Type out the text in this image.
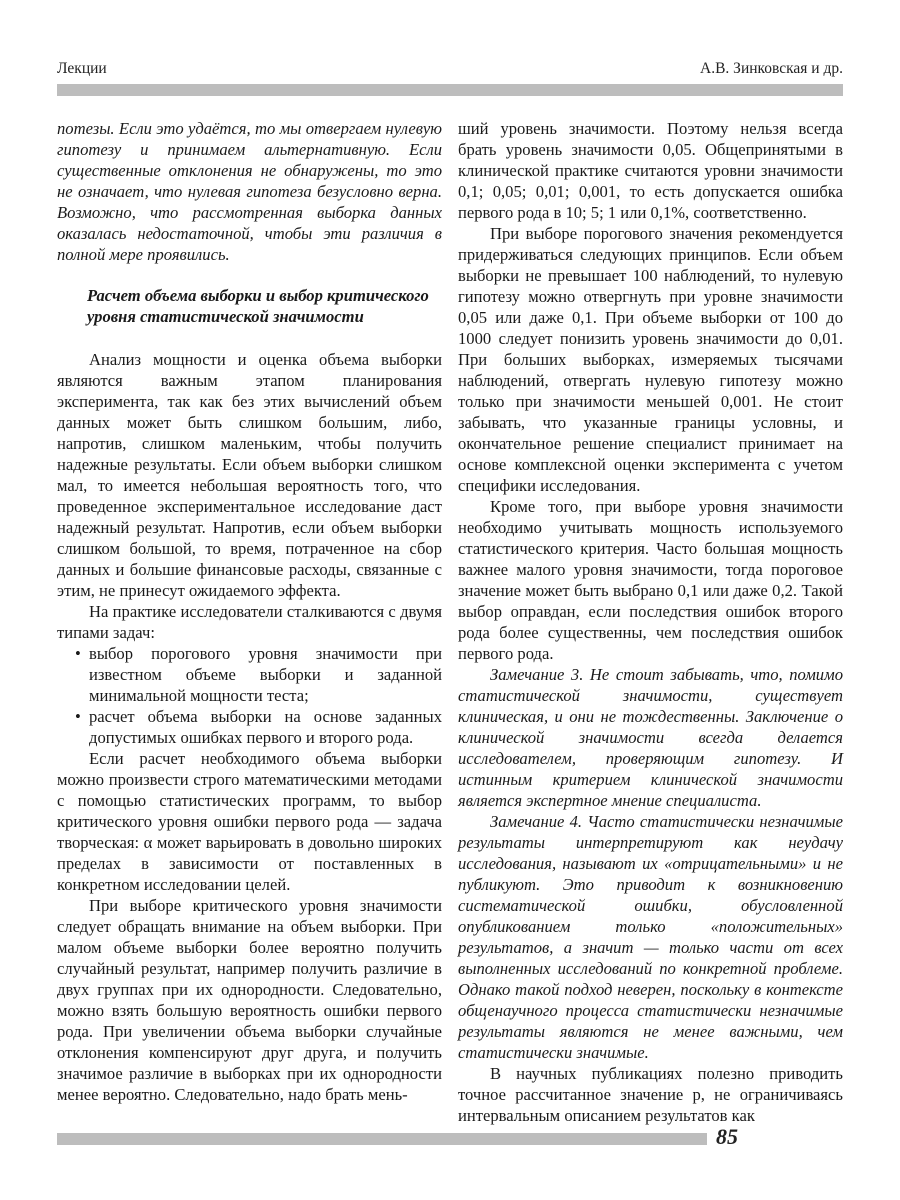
Лекции	А.В. Зинковская и др.

потезы. Если это удаётся, то мы отвергаем нулевую гипотезу и принимаем альтернативную. Если существенные отклонения не обнаружены, то это не означает, что нулевая гипотеза безусловно верна. Возможно, что рассмотренная выборка данных оказалась недостаточной, чтобы эти различия в полной мере проявились.

Расчет объема выборки и выбор критического уровня статистической значимости

Анализ мощности и оценка объема выборки являются важным этапом планирования эксперимента, так как без этих вычислений объем данных может быть слишком большим, либо, напротив, слишком маленьким, чтобы получить надежные результаты. Если объем выборки слишком мал, то имеется небольшая вероятность того, что проведенное экспериментальное исследование даст надежный результат. Напротив, если объем выборки слишком большой, то время, потраченное на сбор данных и большие финансовые расходы, связанные с этим, не принесут ожидаемого эффекта.

На практике исследователи сталкиваются с двумя типами задач:

• выбор порогового уровня значимости при известном объеме выборки и заданной минимальной мощности теста;
• расчет объема выборки на основе заданных допустимых ошибках первого и второго рода.

Если расчет необходимого объема выборки можно произвести строго математическими методами с помощью статистических программ, то выбор критического уровня ошибки первого рода — задача творческая: α может варьировать в довольно широких пределах в зависимости от поставленных в конкретном исследовании целей.

При выборе критического уровня значимости следует обращать внимание на объем выборки. При малом объеме выборки более вероятно получить случайный результат, например получить различие в двух группах при их однородности. Следовательно, можно взять большую вероятность ошибки первого рода. При увеличении объема выборки случайные отклонения компенсируют друг друга, и получить значимое различие в выборках при их однородности менее вероятно. Следовательно, надо брать мень-

ший уровень значимости. Поэтому нельзя всегда брать уровень значимости 0,05. Общепринятыми в клинической практике считаются уровни значимости 0,1; 0,05; 0,01; 0,001, то есть допускается ошибка первого рода в 10; 5; 1 или 0,1%, соответственно.

При выборе порогового значения рекомендуется придерживаться следующих принципов. Если объем выборки не превышает 100 наблюдений, то нулевую гипотезу можно отвергнуть при уровне значимости 0,05 или даже 0,1. При объеме выборки от 100 до 1000 следует понизить уровень значимости до 0,01. При больших выборках, измеряемых тысячами наблюдений, отвергать нулевую гипотезу можно только при значимости меньшей 0,001. Не стоит забывать, что указанные границы условны, и окончательное решение специалист принимает на основе комплексной оценки эксперимента с учетом специфики исследования.

Кроме того, при выборе уровня значимости необходимо учитывать мощность используемого статистического критерия. Часто большая мощность важнее малого уровня значимости, тогда пороговое значение может быть выбрано 0,1 или даже 0,2. Такой выбор оправдан, если последствия ошибок второго рода более существенны, чем последствия ошибок первого рода.

Замечание 3. Не стоит забывать, что, помимо статистической значимости, существует клиническая, и они не тождественны. Заключение о клинической значимости всегда делается исследователем, проверяющим гипотезу. И истинным критерием клинической значимости является экспертное мнение специалиста.

Замечание 4. Часто статистически незначимые результаты интерпретируют как неудачу исследования, называют их «отрицательными» и не публикуют. Это приводит к возникновению систематической ошибки, обусловленной опубликованием только «положительных» результатов, а значит — только части от всех выполненных исследований по конкретной проблеме. Однако такой подход неверен, поскольку в контексте общенаучного процесса статистически незначимые результаты являются не менее важными, чем статистически значимые.

В научных публикациях полезно приводить точное рассчитанное значение p, не ограничиваясь интервальным описанием результатов как

85
